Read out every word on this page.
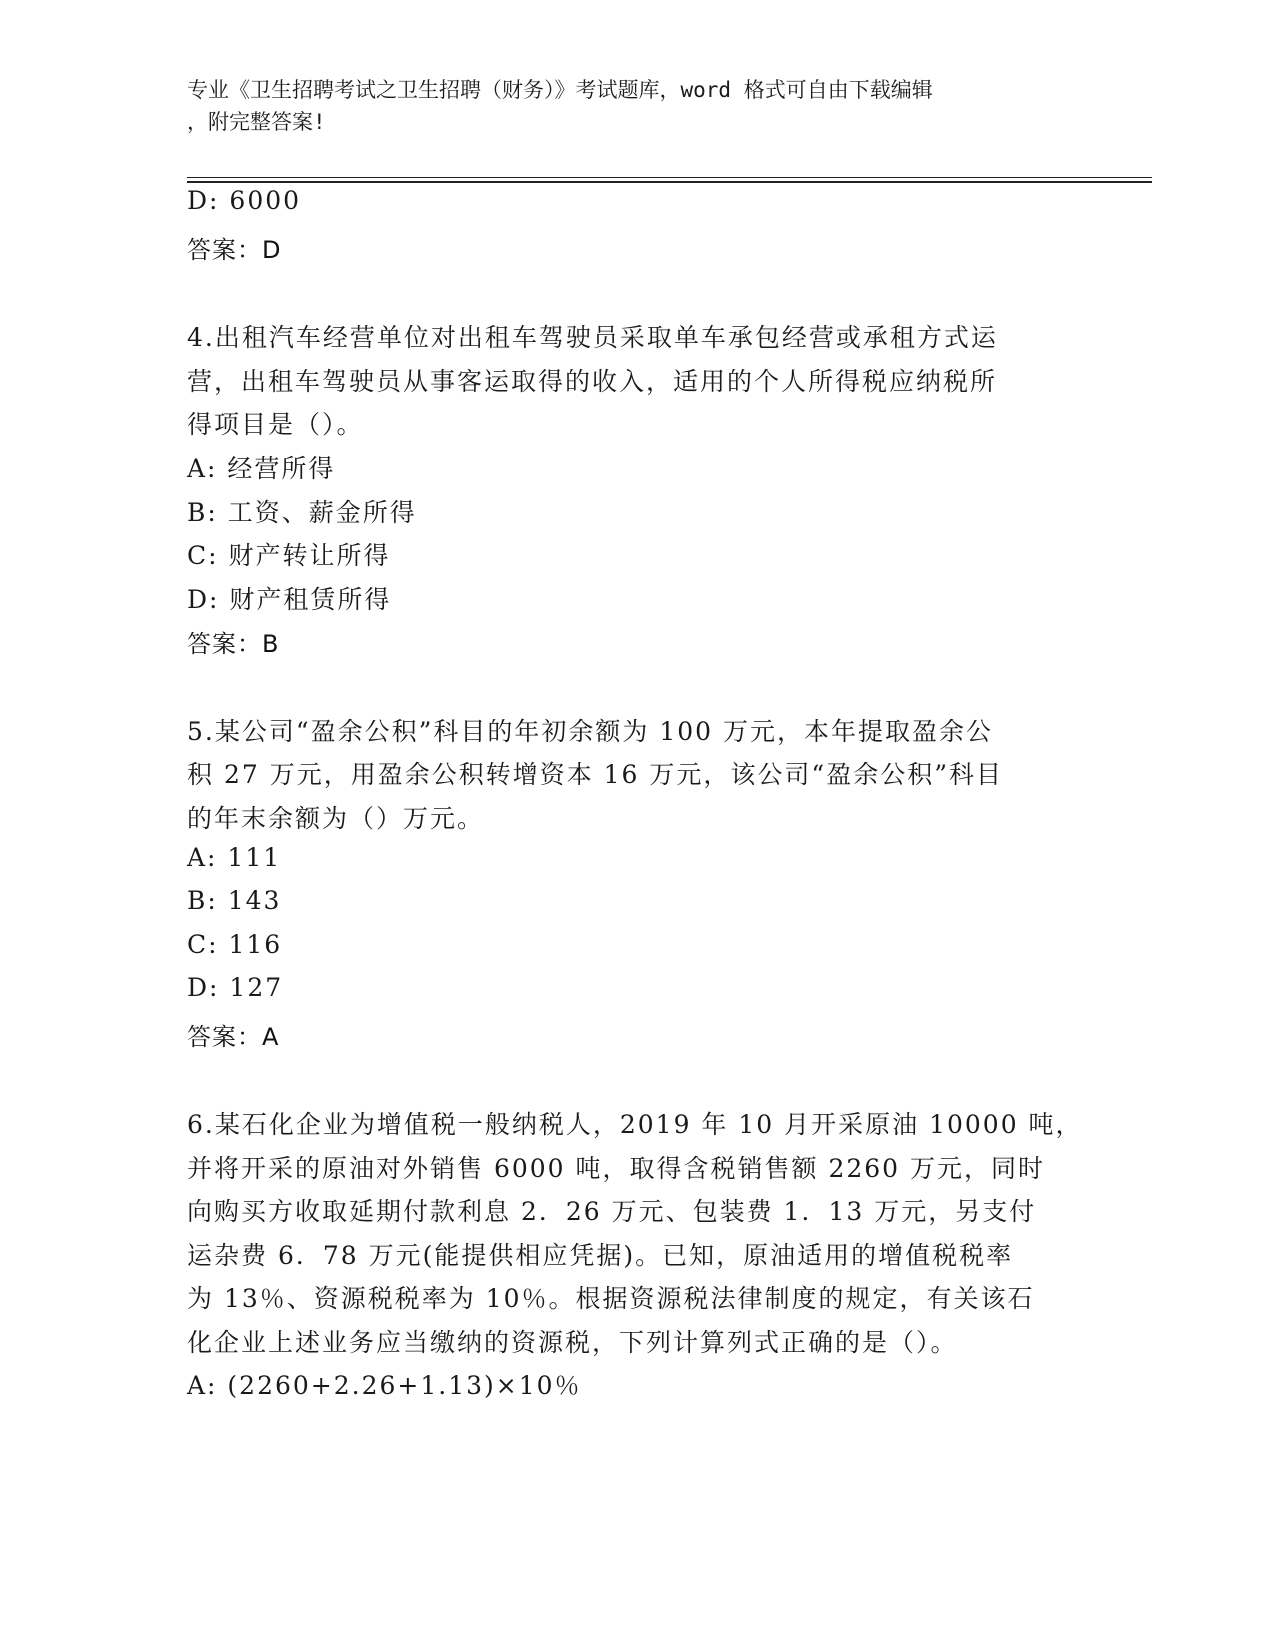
专业《卫生招聘考试之卫生招聘（财务）》考试题库，word 格式可自由下载编辑

，附完整答案!

D: 6000
答案：D
4.出租汽车经营单位对出租车驾驶员采取单车承包经营或承租方式运
营，出租车驾驶员从事客运取得的收入，适用的个人所得税应纳税所
得项目是（）。
A: 经营所得
B: 工资、薪金所得
C: 财产转让所得
D: 财产租赁所得
答案：B
5.某公司“盈余公积”科目的年初余额为 100 万元，本年提取盈余公
积 27 万元，用盈余公积转增资本 16 万元，该公司“盈余公积”科目
的年末余额为（）万元。
A: 111
B: 143
C: 116
D: 127
答案：A
6.某石化企业为增值税一般纳税人，2019 年 10 月开采原油 10000 吨，
并将开采的原油对外销售 6000 吨，取得含税销售额 2260 万元，同时
向购买方收取延期付款利息 2．26 万元、包装费 1．13 万元，另支付
运杂费 6．78 万元(能提供相应凭据)。已知，原油适用的增值税税率
为 13％、资源税税率为 10％。根据资源税法律制度的规定，有关该石
化企业上述业务应当缴纳的资源税，下列计算列式正确的是（）。
A: (2260+2.26+1.13)×10％
